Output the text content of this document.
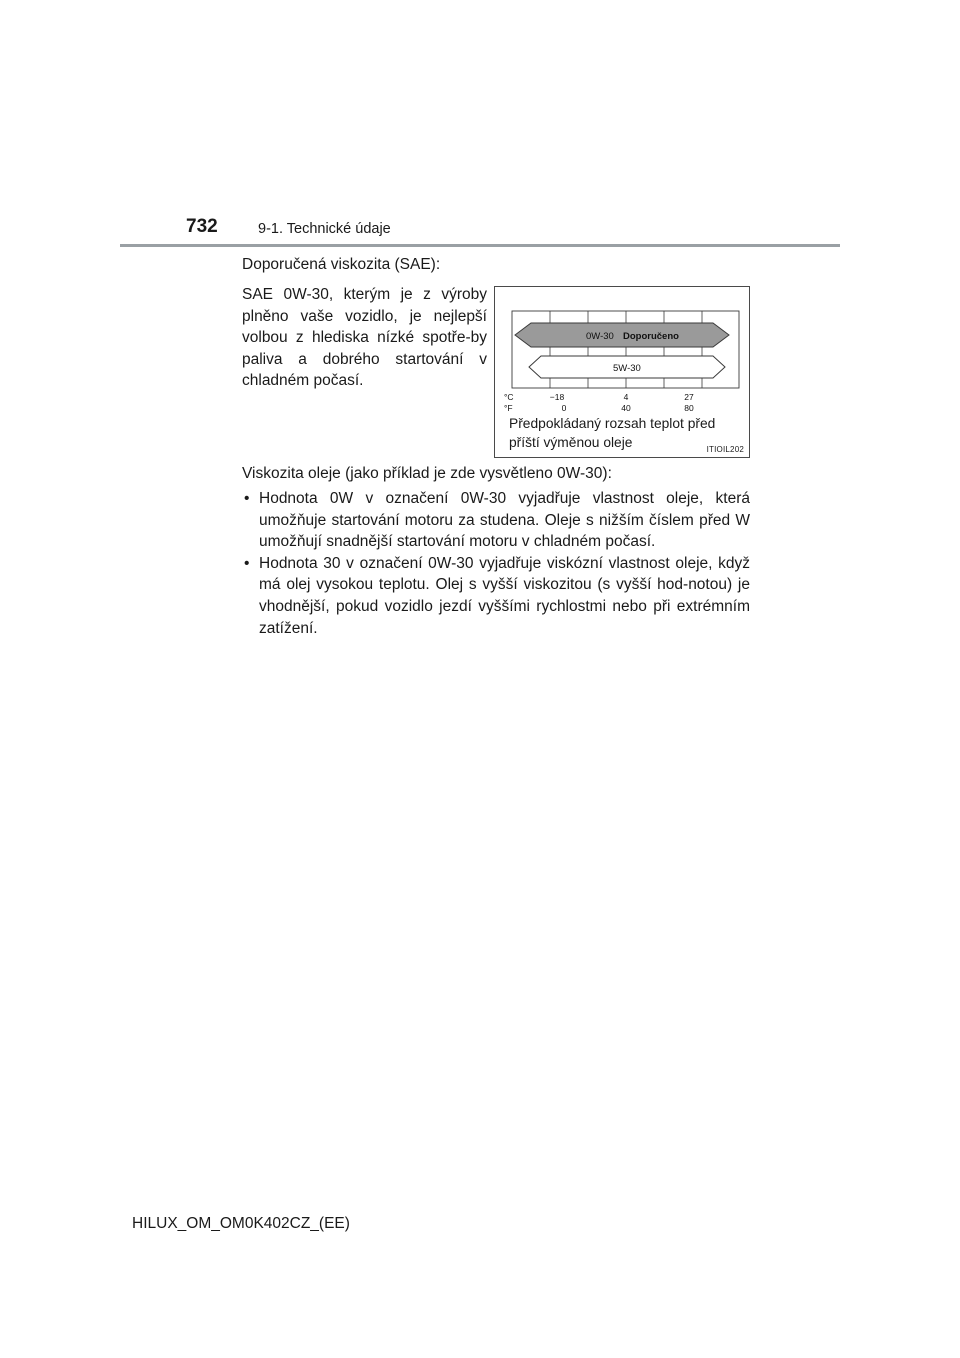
732	9-1. Technické údaje
Doporučená viskozita (SAE):

SAE 0W-30, kterým je z výroby plněno vaše vozidlo, je nejlepší volbou z hlediska nízké spotře-by paliva a dobrého startování v chladném počasí.

0W-30 Doporučeno
5W-30
°C
°F
−18	4	27
0	40	80
Předpokládaný rozsah teplot před
příští výměnou oleje	ITIOIL202
Viskozita oleje (jako příklad je zde vysvětleno 0W-30):
• Hodnota 0W v označení 0W-30 vyjadřuje vlastnost oleje, která umožňuje startování motoru za studena. Oleje s nižším číslem před W umožňují snadnější startování motoru v chladném počasí.
• Hodnota 30 v označení 0W-30 vyjadřuje viskózní vlastnost oleje, když má olej vysokou teplotu. Olej s vyšší viskozitou (s vyšší hod-notou) je vhodnější, pokud vozidlo jezdí vyššími rychlostmi nebo při extrémním zatížení.
HILUX_OM_OM0K402CZ_(EE)
